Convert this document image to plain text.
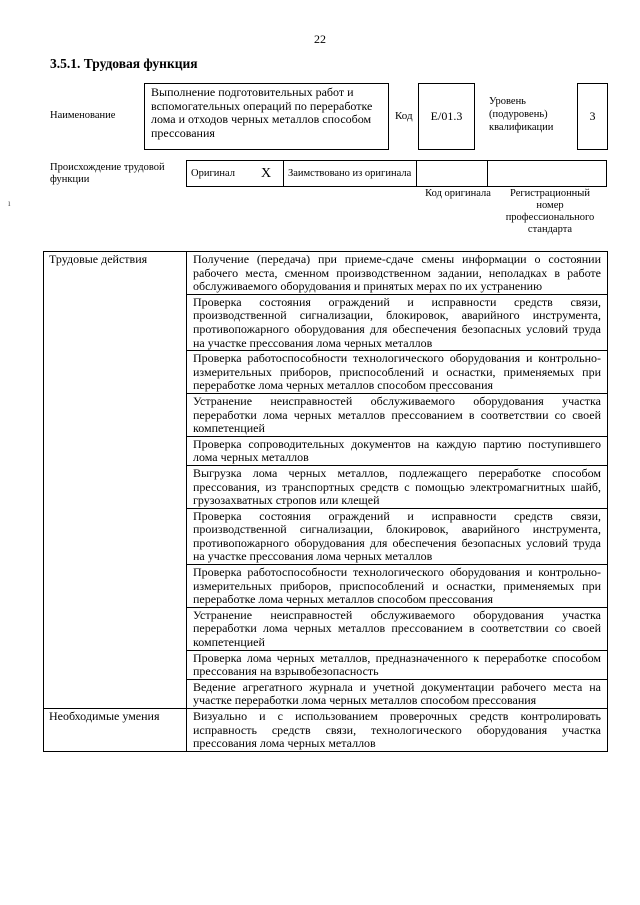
22
3.5.1. Трудовая функция
Наименование
Выполнение подготовительных работ и вспомогательных операций по переработке лома и отходов черных металлов способом прессования
Код	E/01.3
Уровень (подуровень) квалификации
3
Происхождение трудовой функции
Оригинал	X	Заимствовано из оригинала		
Код оригинала	Регистрационный номер профессионального стандарта
ı
Трудовые действия	Получение (передача) при приеме-сдаче смены информации о состоянии рабочего места, сменном производственном задании, неполадках в работе обслуживаемого оборудования и принятых мерах по их устранению
	Проверка состояния ограждений и исправности средств связи, производственной сигнализации, блокировок, аварийного инструмента, противопожарного оборудования для обеспечения безопасных условий труда на участке прессования лома черных металлов
	Проверка работоспособности технологического оборудования и контрольно-измерительных приборов, приспособлений и оснастки, применяемых при переработке лома черных металлов способом прессования
	Устранение неисправностей обслуживаемого оборудования участка переработки лома черных металлов прессованием в соответствии со своей компетенцией
	Проверка сопроводительных документов на каждую партию поступившего лома черных металлов
	Выгрузка лома черных металлов, подлежащего переработке способом прессования, из транспортных средств с помощью электромагнитных шайб, грузозахватных стропов или клещей
	Проверка состояния ограждений и исправности средств связи, производственной сигнализации, блокировок, аварийного инструмента, противопожарного оборудования для обеспечения безопасных условий труда на участке прессования лома черных металлов
	Проверка работоспособности технологического оборудования и контрольно-измерительных приборов, приспособлений и оснастки, применяемых при переработке лома черных металлов способом прессования
	Устранение неисправностей обслуживаемого оборудования участка переработки лома черных металлов прессованием в соответствии со своей компетенцией
	Проверка лома черных металлов, предназначенного к переработке способом прессования на взрывобезопасность
	Ведение агрегатного журнала и учетной документации рабочего места на участке переработки лома черных металлов способом прессования
Необходимые умения	Визуально и с использованием проверочных средств контролировать исправность средств связи, технологического оборудования участка прессования лома черных металлов
